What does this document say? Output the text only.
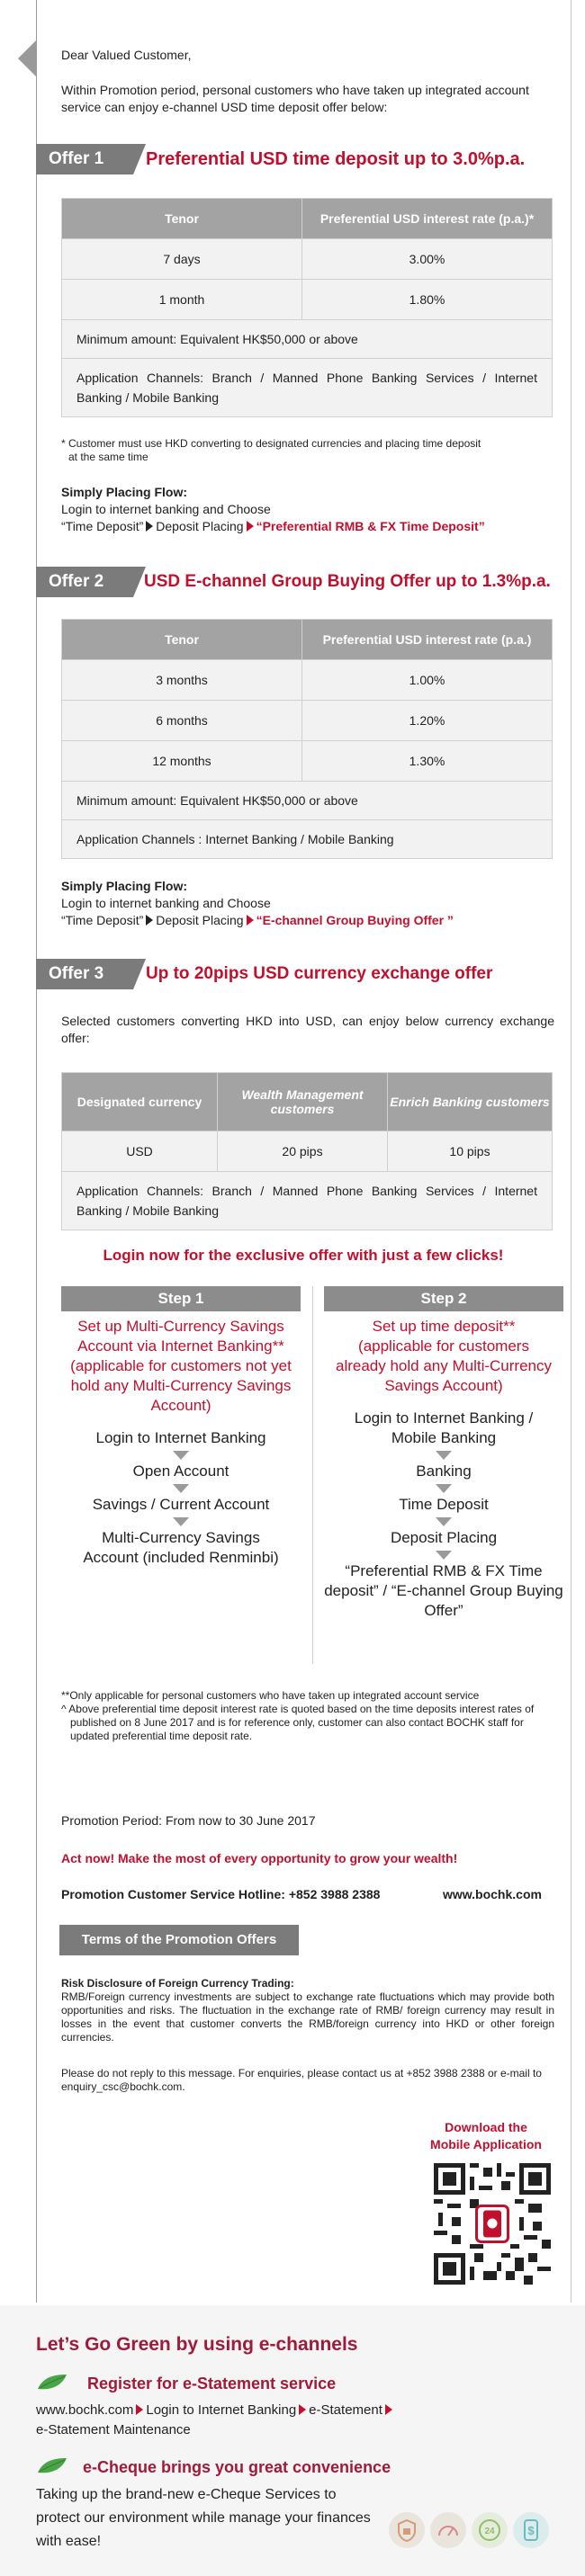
Dear Valued Customer,

Within Promotion period, personal customers who have taken up integrated account service can enjoy e-channel USD time deposit offer below:

Offer 1	Preferential USD time deposit up to 3.0%p.a.
Tenor	Preferential USD interest rate (p.a.)*
7 days	3.00%
1 month	1.80%
Minimum amount: Equivalent HK$50,000 or above	
Application Channels: Branch / Manned Phone Banking Services / Internet Banking / Mobile Banking	
* Customer must use HKD converting to designated currencies and placing time deposit
at the same time
Simply Placing Flow:
Login to internet banking and Choose
“Time Deposit” Deposit Placing “Preferential RMB & FX Time Deposit”
Offer 2	USD E-channel Group Buying Offer up to 1.3%p.a.
Tenor	Preferential USD interest rate (p.a.)
3 months	1.00%
6 months	1.20%
12 months	1.30%
Minimum amount: Equivalent HK$50,000 or above	
Application Channels : Internet Banking / Mobile Banking	
Simply Placing Flow:
Login to internet banking and Choose
“Time Deposit” Deposit Placing “E-channel Group Buying Offer ”
Offer 3	Up to 20pips USD currency exchange offer
Selected customers converting HKD into USD, can enjoy below currency exchange offer:
Designated currency	Wealth Management customers	Enrich Banking customers
USD	20 pips	10 pips
Application Channels: Branch / Manned Phone Banking Services / Internet Banking / Mobile Banking		
Login now for the exclusive offer with just a few clicks!
Step 1
Set up Multi-Currency Savings Account via Internet Banking** (applicable for customers not yet hold any Multi-Currency Savings Account)
Login to Internet Banking
Open Account
Savings / Current Account
Multi-Currency Savings Account (included Renminbi)
Step 2
Set up time deposit** (applicable for customers already hold any Multi-Currency Savings Account)
Login to Internet Banking / Mobile Banking
Banking
Time Deposit
Deposit Placing
“Preferential RMB & FX Time deposit” / “E-channel Group Buying Offer”
**Only applicable for personal customers who have taken up integrated account service
^ Above preferential time deposit interest rate is quoted based on the time deposits interest rates of published on 8 June 2017 and is for reference only, customer can also contact BOCHK staff for updated preferential time deposit rate.
Promotion Period: From now to 30 June 2017
Act now! Make the most of every opportunity to grow your wealth!
Promotion Customer Service Hotline: +852 3988 2388	www.bochk.com
Terms of the Promotion Offers
Risk Disclosure of Foreign Currency Trading:
RMB/Foreign currency investments are subject to exchange rate fluctuations which may provide both opportunities and risks. The fluctuation in the exchange rate of RMB/ foreign currency may result in losses in the event that customer converts the RMB/foreign currency into HKD or other foreign currencies.
Please do not reply to this message. For enquiries, please contact us at +852 3988 2388 or e-mail to enquiry_csc@bochk.com.
Download the
Mobile Application
Let’s Go Green by using e-channels
Register for e-Statement service
www.bochk.com Login to Internet Banking e-Statement
e-Statement Maintenance
e-Cheque brings you great convenience
Taking up the brand-new e-Cheque Services to protect our environment while manage your finances with ease!
24	$
